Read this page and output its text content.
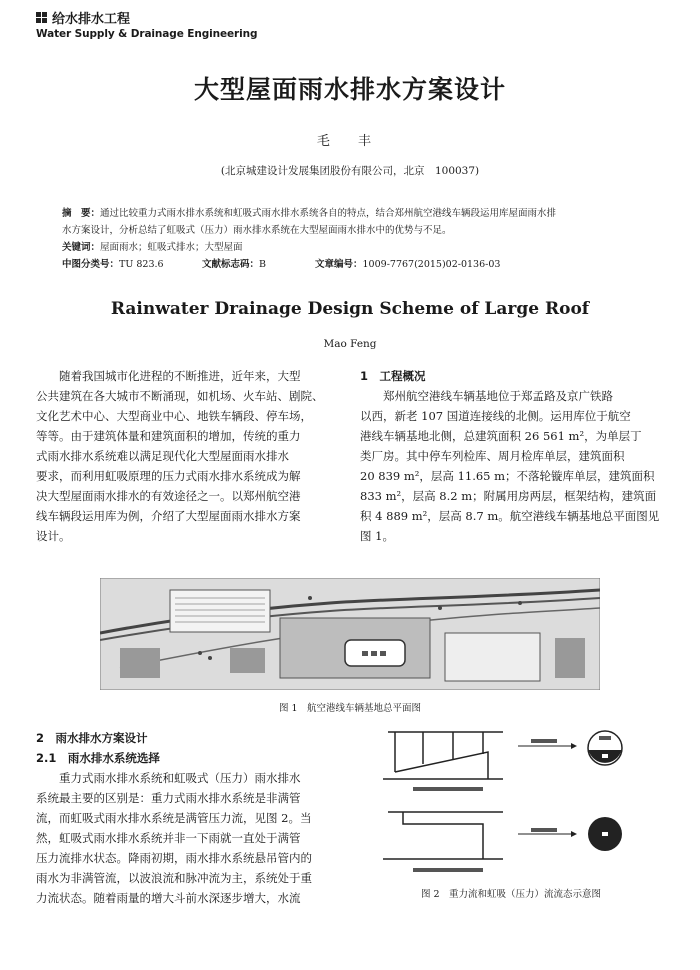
给水排水工程
Water Supply & Drainage Engineering
大型屋面雨水排水方案设计
毛 丰
(北京城建设计发展集团股份有限公司，北京　100037)
摘　要：通过比较重力式雨水排水系统和虹吸式雨水排水系统各自的特点，结合郑州航空港线车辆段运用库屋面雨水排
水方案设计，分析总结了虹吸式（压力）雨水排水系统在大型屋面雨水排水中的优势与不足。
关键词：屋面雨水；虹吸式排水；大型屋面
中图分类号：TU 823.6	文献标志码：B	文章编号：1009-7767(2015)02-0136-03
Rainwater Drainage Design Scheme of Large Roof
Mao Feng

随着我国城市化进程的不断推进，近年来，大型
公共建筑在各大城市不断涌现，如机场、火车站、剧院、
文化艺术中心、大型商业中心、地铁车辆段、停车场，
等等。由于建筑体量和建筑面积的增加，传统的重力
式雨水排水系统难以满足现代化大型屋面雨水排水
要求，而利用虹吸原理的压力式雨水排水系统成为解
决大型屋面雨水排水的有效途径之一。以郑州航空港
线车辆段运用库为例，介绍了大型屋面雨水排水方案
设计。

1　工程概况

郑州航空港线车辆基地位于郑孟路及京广铁路
以西，新老 107 国道连接线的北侧。运用库位于航空
港线车辆基地北侧，总建筑面积 26 561 m²，为单层丁
类厂房。其中停车列检库、周月检库单层，建筑面积
20 839 m²，层高 11.65 m；不落轮镟库单层，建筑面积
833 m²，层高 8.2 m；附属用房两层，框架结构，建筑面
积 4 889 m²，层高 8.7 m。航空港线车辆基地总平面图见
图 1。

图 1　航空港线车辆基地总平面图

2　雨水排水方案设计

2.1　雨水排水系统选择

重力式雨水排水系统和虹吸式（压力）雨水排水
系统最主要的区别是：重力式雨水排水系统是非满管
流，而虹吸式雨水排水系统是满管压力流，见图 2。当
然，虹吸式雨水排水系统并非一下雨就一直处于满管
压力流排水状态。降雨初期，雨水排水系统悬吊管内的
雨水为非满管流，以波浪流和脉冲流为主，系统处于重
力流状态。随着雨量的增大斗前水深逐步增大，水流	图 2　重力流和虹吸（压力）流流态示意图
